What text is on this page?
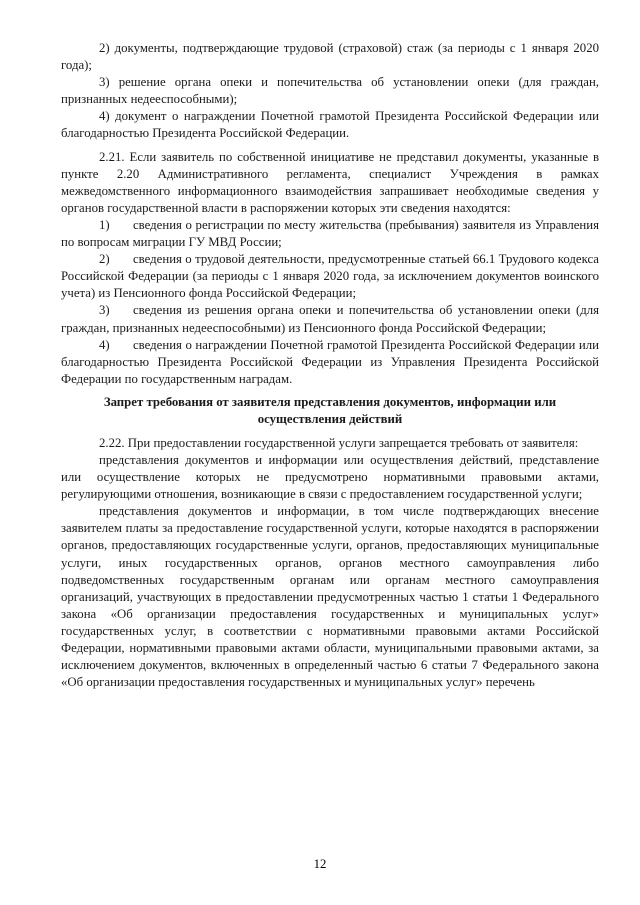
2) документы, подтверждающие трудовой (страховой) стаж (за периоды с 1 января 2020 года);

3) решение органа опеки и попечительства об установлении опеки (для граждан, признанных недееспособными);

4) документ о награждении Почетной грамотой Президента Российской Федерации или благодарностью Президента Российской Федерации.

2.21. Если заявитель по собственной инициативе не представил документы, указанные в пункте 2.20 Административного регламента, специалист Учреждения в рамках межведомственного информационного взаимодействия запрашивает необходимые сведения у органов государственной власти в распоряжении которых эти сведения находятся:

1) сведения о регистрации по месту жительства (пребывания) заявителя из Управления по вопросам миграции ГУ МВД России;

2) сведения о трудовой деятельности, предусмотренные статьей 66.1 Трудового кодекса Российской Федерации (за периоды с 1 января 2020 года, за исключением документов воинского учета) из Пенсионного фонда Российской Федерации;

3) сведения из решения органа опеки и попечительства об установлении опеки (для граждан, признанных недееспособными) из Пенсионного фонда Российской Федерации;

4) сведения о награждении Почетной грамотой Президента Российской Федерации или благодарностью Президента Российской Федерации из Управления Президента Российской Федерации по государственным наградам.

Запрет требования от заявителя представления документов, информации или осуществления действий

2.22. При предоставлении государственной услуги запрещается требовать от заявителя:

представления документов и информации или осуществления действий, представление или осуществление которых не предусмотрено нормативными правовыми актами, регулирующими отношения, возникающие в связи с предоставлением государственной услуги;

представления документов и информации, в том числе подтверждающих внесение заявителем платы за предоставление государственной услуги, которые находятся в распоряжении органов, предоставляющих государственные услуги, органов, предоставляющих муниципальные услуги, иных государственных органов, органов местного самоуправления либо подведомственных государственным органам или органам местного самоуправления организаций, участвующих в предоставлении предусмотренных частью 1 статьи 1 Федерального закона «Об организации предоставления государственных и муниципальных услуг» государственных услуг, в соответствии с нормативными правовыми актами Российской Федерации, нормативными правовыми актами области, муниципальными правовыми актами, за исключением документов, включенных в определенный частью 6 статьи 7 Федерального закона «Об организации предоставления государственных и муниципальных услуг» перечень

12
